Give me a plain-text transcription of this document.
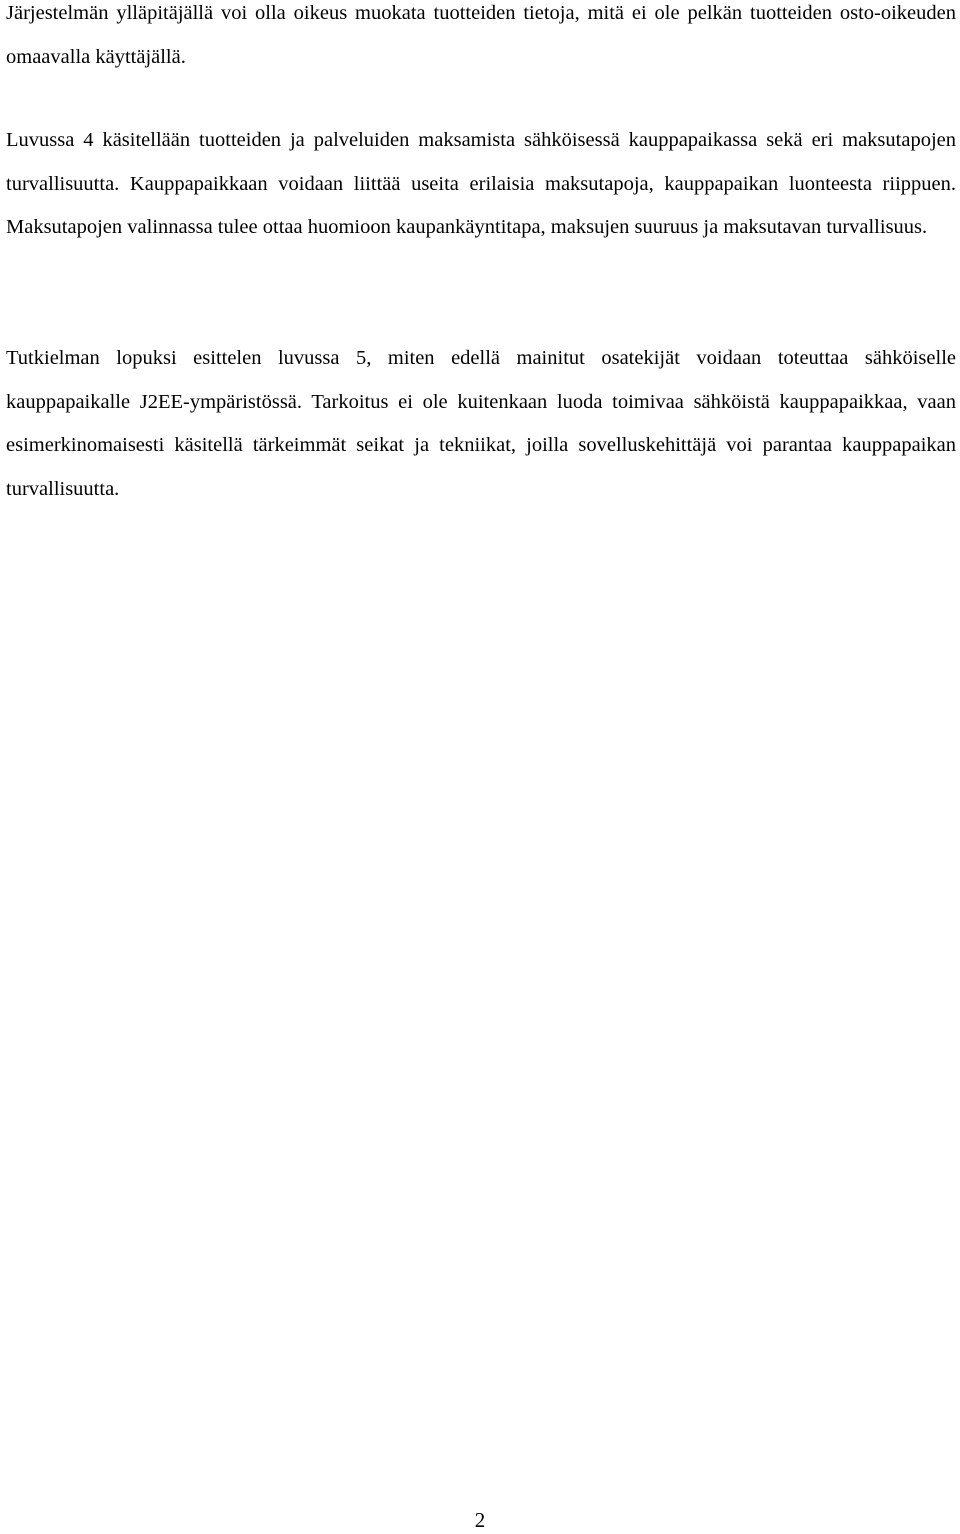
Järjestelmän ylläpitäjällä voi olla oikeus muokata tuotteiden tietoja, mitä ei ole pelkän tuotteiden osto-oikeuden omaavalla käyttäjällä.

Luvussa 4 käsitellään tuotteiden ja palveluiden maksamista sähköisessä kauppapaikassa sekä eri maksutapojen turvallisuutta. Kauppapaikkaan voidaan liittää useita erilaisia maksutapoja, kauppapaikan luonteesta riippuen. Maksutapojen valinnassa tulee ottaa huomioon kaupankäyntitapa, maksujen suuruus ja maksutavan turvallisuus.

Tutkielman lopuksi esittelen luvussa 5, miten edellä mainitut osatekijät voidaan toteuttaa sähköiselle kauppapaikalle J2EE-ympäristössä. Tarkoitus ei ole kuitenkaan luoda toimivaa sähköistä kauppapaikkaa, vaan esimerkinomaisesti käsitellä tärkeimmät seikat ja tekniikat, joilla sovelluskehittäjä voi parantaa kauppapaikan turvallisuutta.

2
